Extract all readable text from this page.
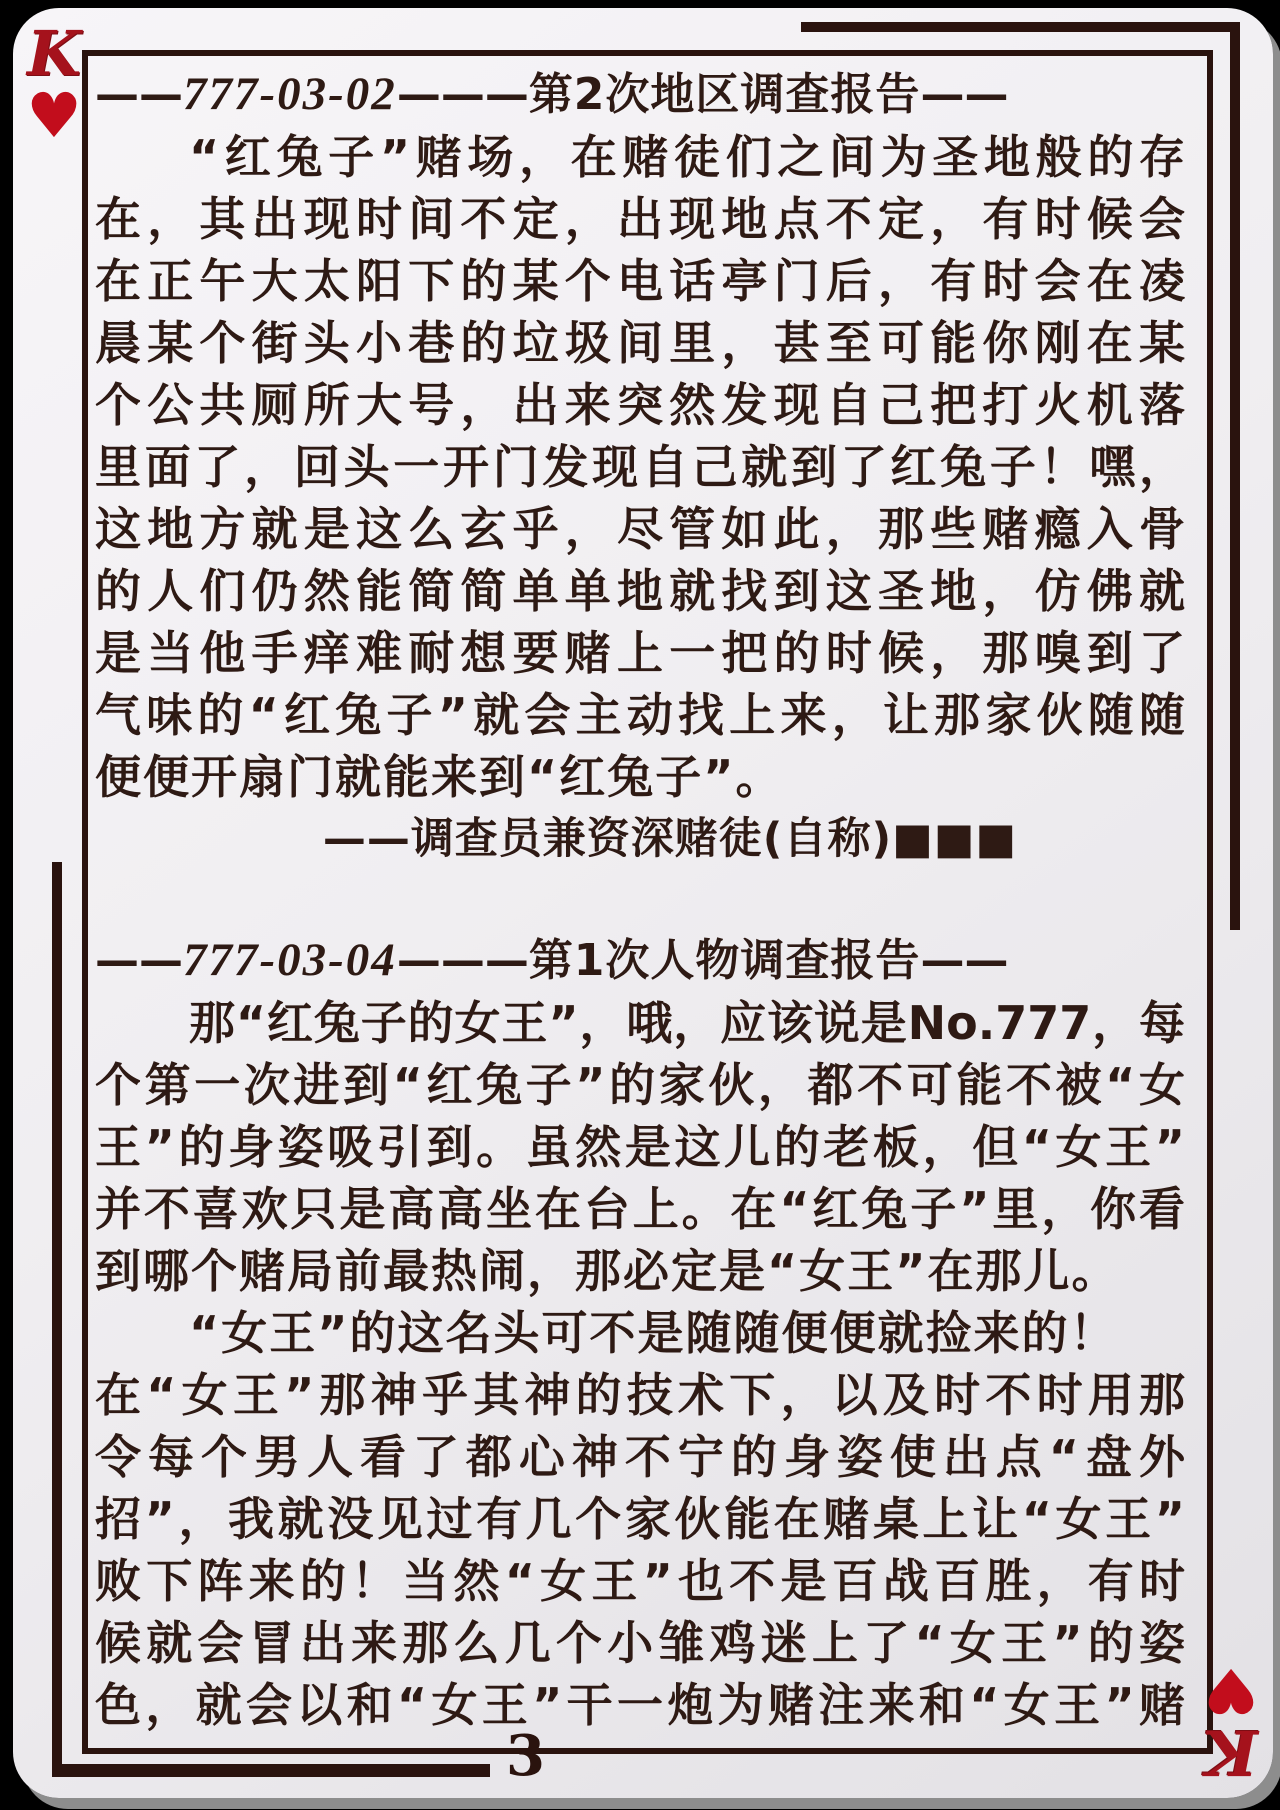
K
♥ ——777-03-02———第2次地区调查报告——
“红兔子”赌场，在赌徒们之间为圣地般的存
在，其出现时间不定，出现地点不定，有时候会
在正午大太阳下的某个电话亭门后，有时会在凌
晨某个街头小巷的垃圾间里，甚至可能你刚在某
个公共厕所大号，出来突然发现自己把打火机落
里面了，回头一开门发现自己就到了红兔子！嘿，
这地方就是这么玄乎，尽管如此，那些赌瘾入骨
的人们仍然能简简单单地就找到这圣地，仿佛就
是当他手痒难耐想要赌上一把的时候，那嗅到了
气味的“红兔子”就会主动找上来，让那家伙随随
便便开扇门就能来到“红兔子”。
——调查员兼资深赌徒(自称)■■■
——777-03-04———第1次人物调查报告——
那“红兔子的女王”，哦，应该说是No.777，每
个第一次进到“红兔子”的家伙，都不可能不被“女
王”的身姿吸引到。虽然是这儿的老板，但“女王”
并不喜欢只是高高坐在台上。在“红兔子”里，你看
到哪个赌局前最热闹，那必定是“女王”在那儿。
“女王”的这名头可不是随随便便就捡来的！
在“女王”那神乎其神的技术下，以及时不时用那
令每个男人看了都心神不宁的身姿使出点“盘外
招”，我就没见过有几个家伙能在赌桌上让“女王”
败下阵来的！当然“女王”也不是百战百胜，有时
候就会冒出来那么几个小雏鸡迷上了“女王”的姿
色，就会以和“女王”干一炮为赌注来和“女王”赌
3	K
♥
